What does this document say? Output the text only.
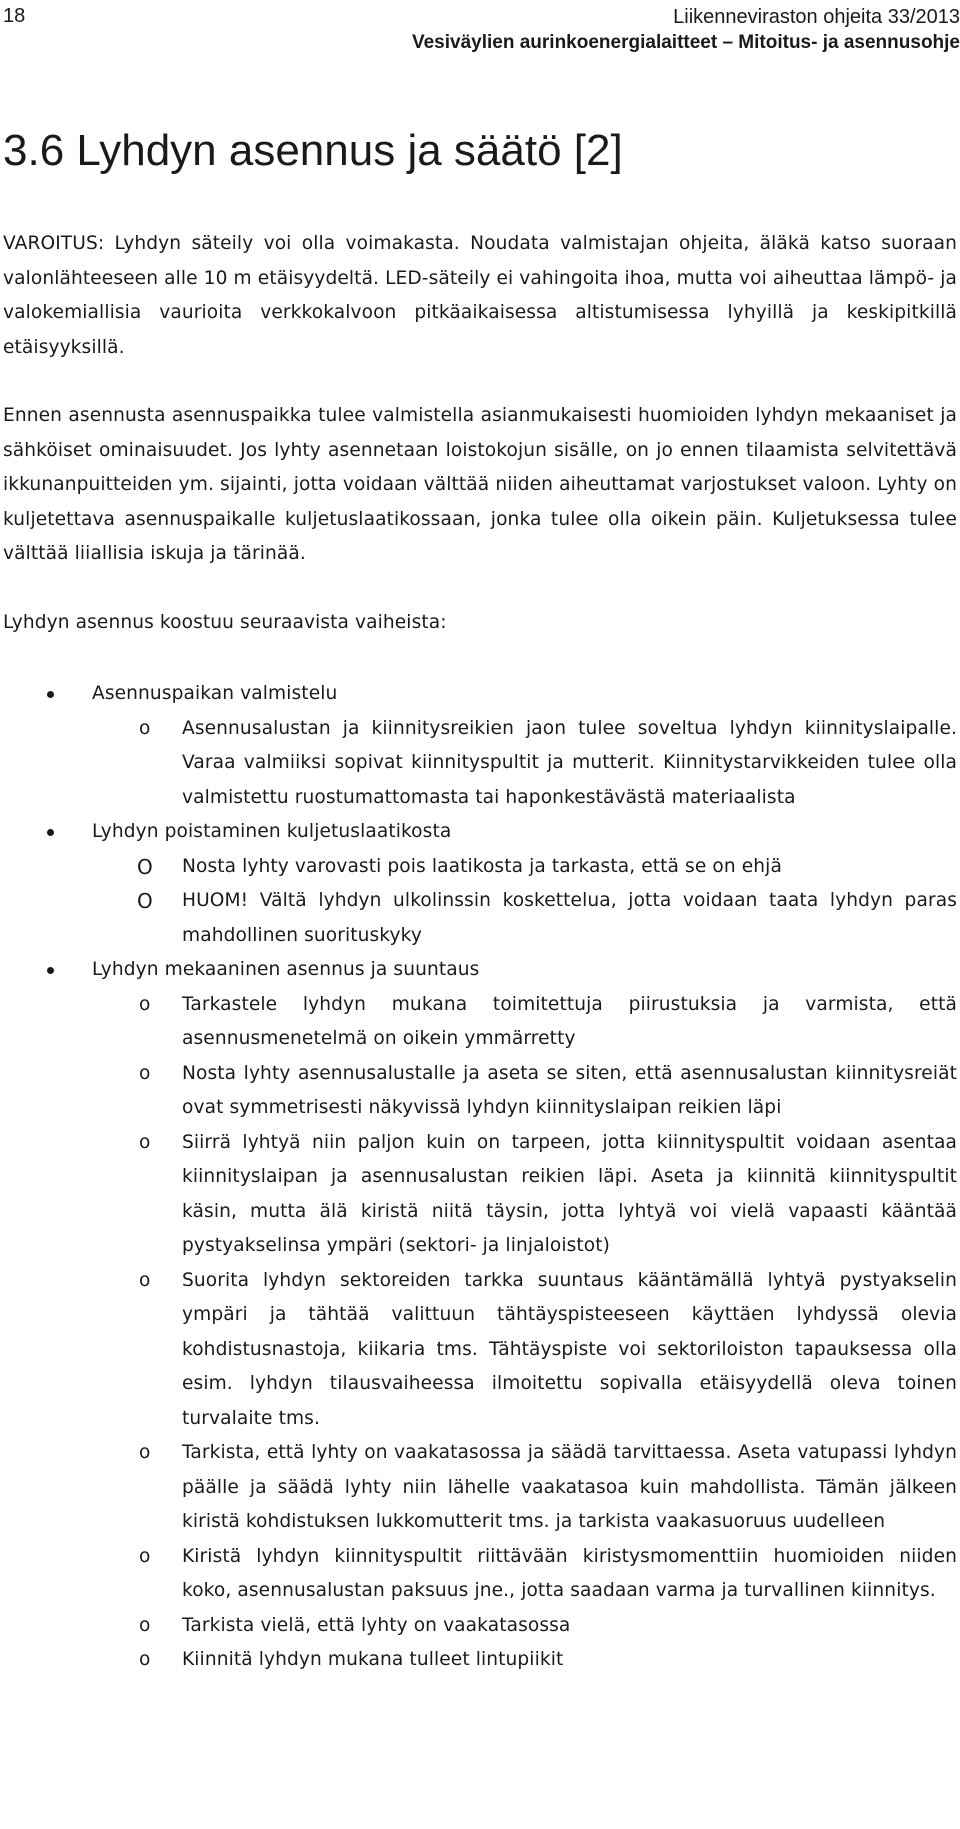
18	Liikenneviraston ohjeita 33/2013
Vesiväylien aurinkoenergialaitteet – Mitoitus- ja asennusohje
3.6 Lyhdyn asennus ja säätö [2]

VAROITUS: Lyhdyn säteily voi olla voimakasta. Noudata valmistajan ohjeita, äläkä katso suoraan valonlähteeseen alle 10 m etäisyydeltä. LED-säteily ei vahingoita ihoa, mutta voi aiheuttaa lämpö- ja valokemiallisia vaurioita verkkokalvoon pitkäaikaisessa altistumisessa lyhyillä ja keskipitkillä etäisyyksillä.

Ennen asennusta asennuspaikka tulee valmistella asianmukaisesti huomioiden lyhdyn mekaaniset ja sähköiset ominaisuudet. Jos lyhty asennetaan loistokojun sisälle, on jo ennen tilaamista selvitettävä ikkunanpuitteiden ym. sijainti, jotta voidaan välttää niiden aiheuttamat varjostukset valoon. Lyhty on kuljetettava asennuspaikalle kuljetuslaatikossaan, jonka tulee olla oikein päin. Kuljetuksessa tulee välttää liiallisia iskuja ja tärinää.

Lyhdyn asennus koostuu seuraavista vaiheista:

Asennuspaikan valmistelu
o Asennusalustan ja kiinnitysreikien jaon tulee soveltua lyhdyn kiinnityslaipalle. Varaa valmiiksi sopivat kiinnityspultit ja mutterit. Kiinnitystarvikkeiden tulee olla valmistettu ruostumattomasta tai haponkestävästä materiaalista
Lyhdyn poistaminen kuljetuslaatikosta
O Nosta lyhty varovasti pois laatikosta ja tarkasta, että se on ehjä
O HUOM! Vältä lyhdyn ulkolinssin koskettelua, jotta voidaan taata lyhdyn paras mahdollinen suorituskyky
Lyhdyn mekaaninen asennus ja suuntaus
o Tarkastele lyhdyn mukana toimitettuja piirustuksia ja varmista, että asennusmenetelmä on oikein ymmärretty
o Nosta lyhty asennusalustalle ja aseta se siten, että asennusalustan kiinnitysreiät ovat symmetrisesti näkyvissä lyhdyn kiinnityslaipan reikien läpi
o Siirrä lyhtyä niin paljon kuin on tarpeen, jotta kiinnityspultit voidaan asentaa kiinnityslaipan ja asennusalustan reikien läpi. Aseta ja kiinnitä kiinnityspultit käsin, mutta älä kiristä niitä täysin, jotta lyhtyä voi vielä vapaasti kääntää pystyakselinsa ympäri (sektori- ja linjaloistot)
o Suorita lyhdyn sektoreiden tarkka suuntaus kääntämällä lyhtyä pystyakselin ympäri ja tähtää valittuun tähtäyspisteeseen käyttäen lyhdyssä olevia kohdistusnastoja, kiikaria tms. Tähtäyspiste voi sektoriloiston tapauksessa olla esim. lyhdyn tilausvaiheessa ilmoitettu sopivalla etäisyydellä oleva toinen turvalaite tms.
o Tarkista, että lyhty on vaakatasossa ja säädä tarvittaessa. Aseta vatupassi lyhdyn päälle ja säädä lyhty niin lähelle vaakatasoa kuin mahdollista. Tämän jälkeen kiristä kohdistuksen lukkomutterit tms. ja tarkista vaakasuoruus uudelleen
o Kiristä lyhdyn kiinnityspultit riittävään kiristysmomenttiin huomioiden niiden koko, asennusalustan paksuus jne., jotta saadaan varma ja turvallinen kiinnitys.
o Tarkista vielä, että lyhty on vaakatasossa
o Kiinnitä lyhdyn mukana tulleet lintupiikit
